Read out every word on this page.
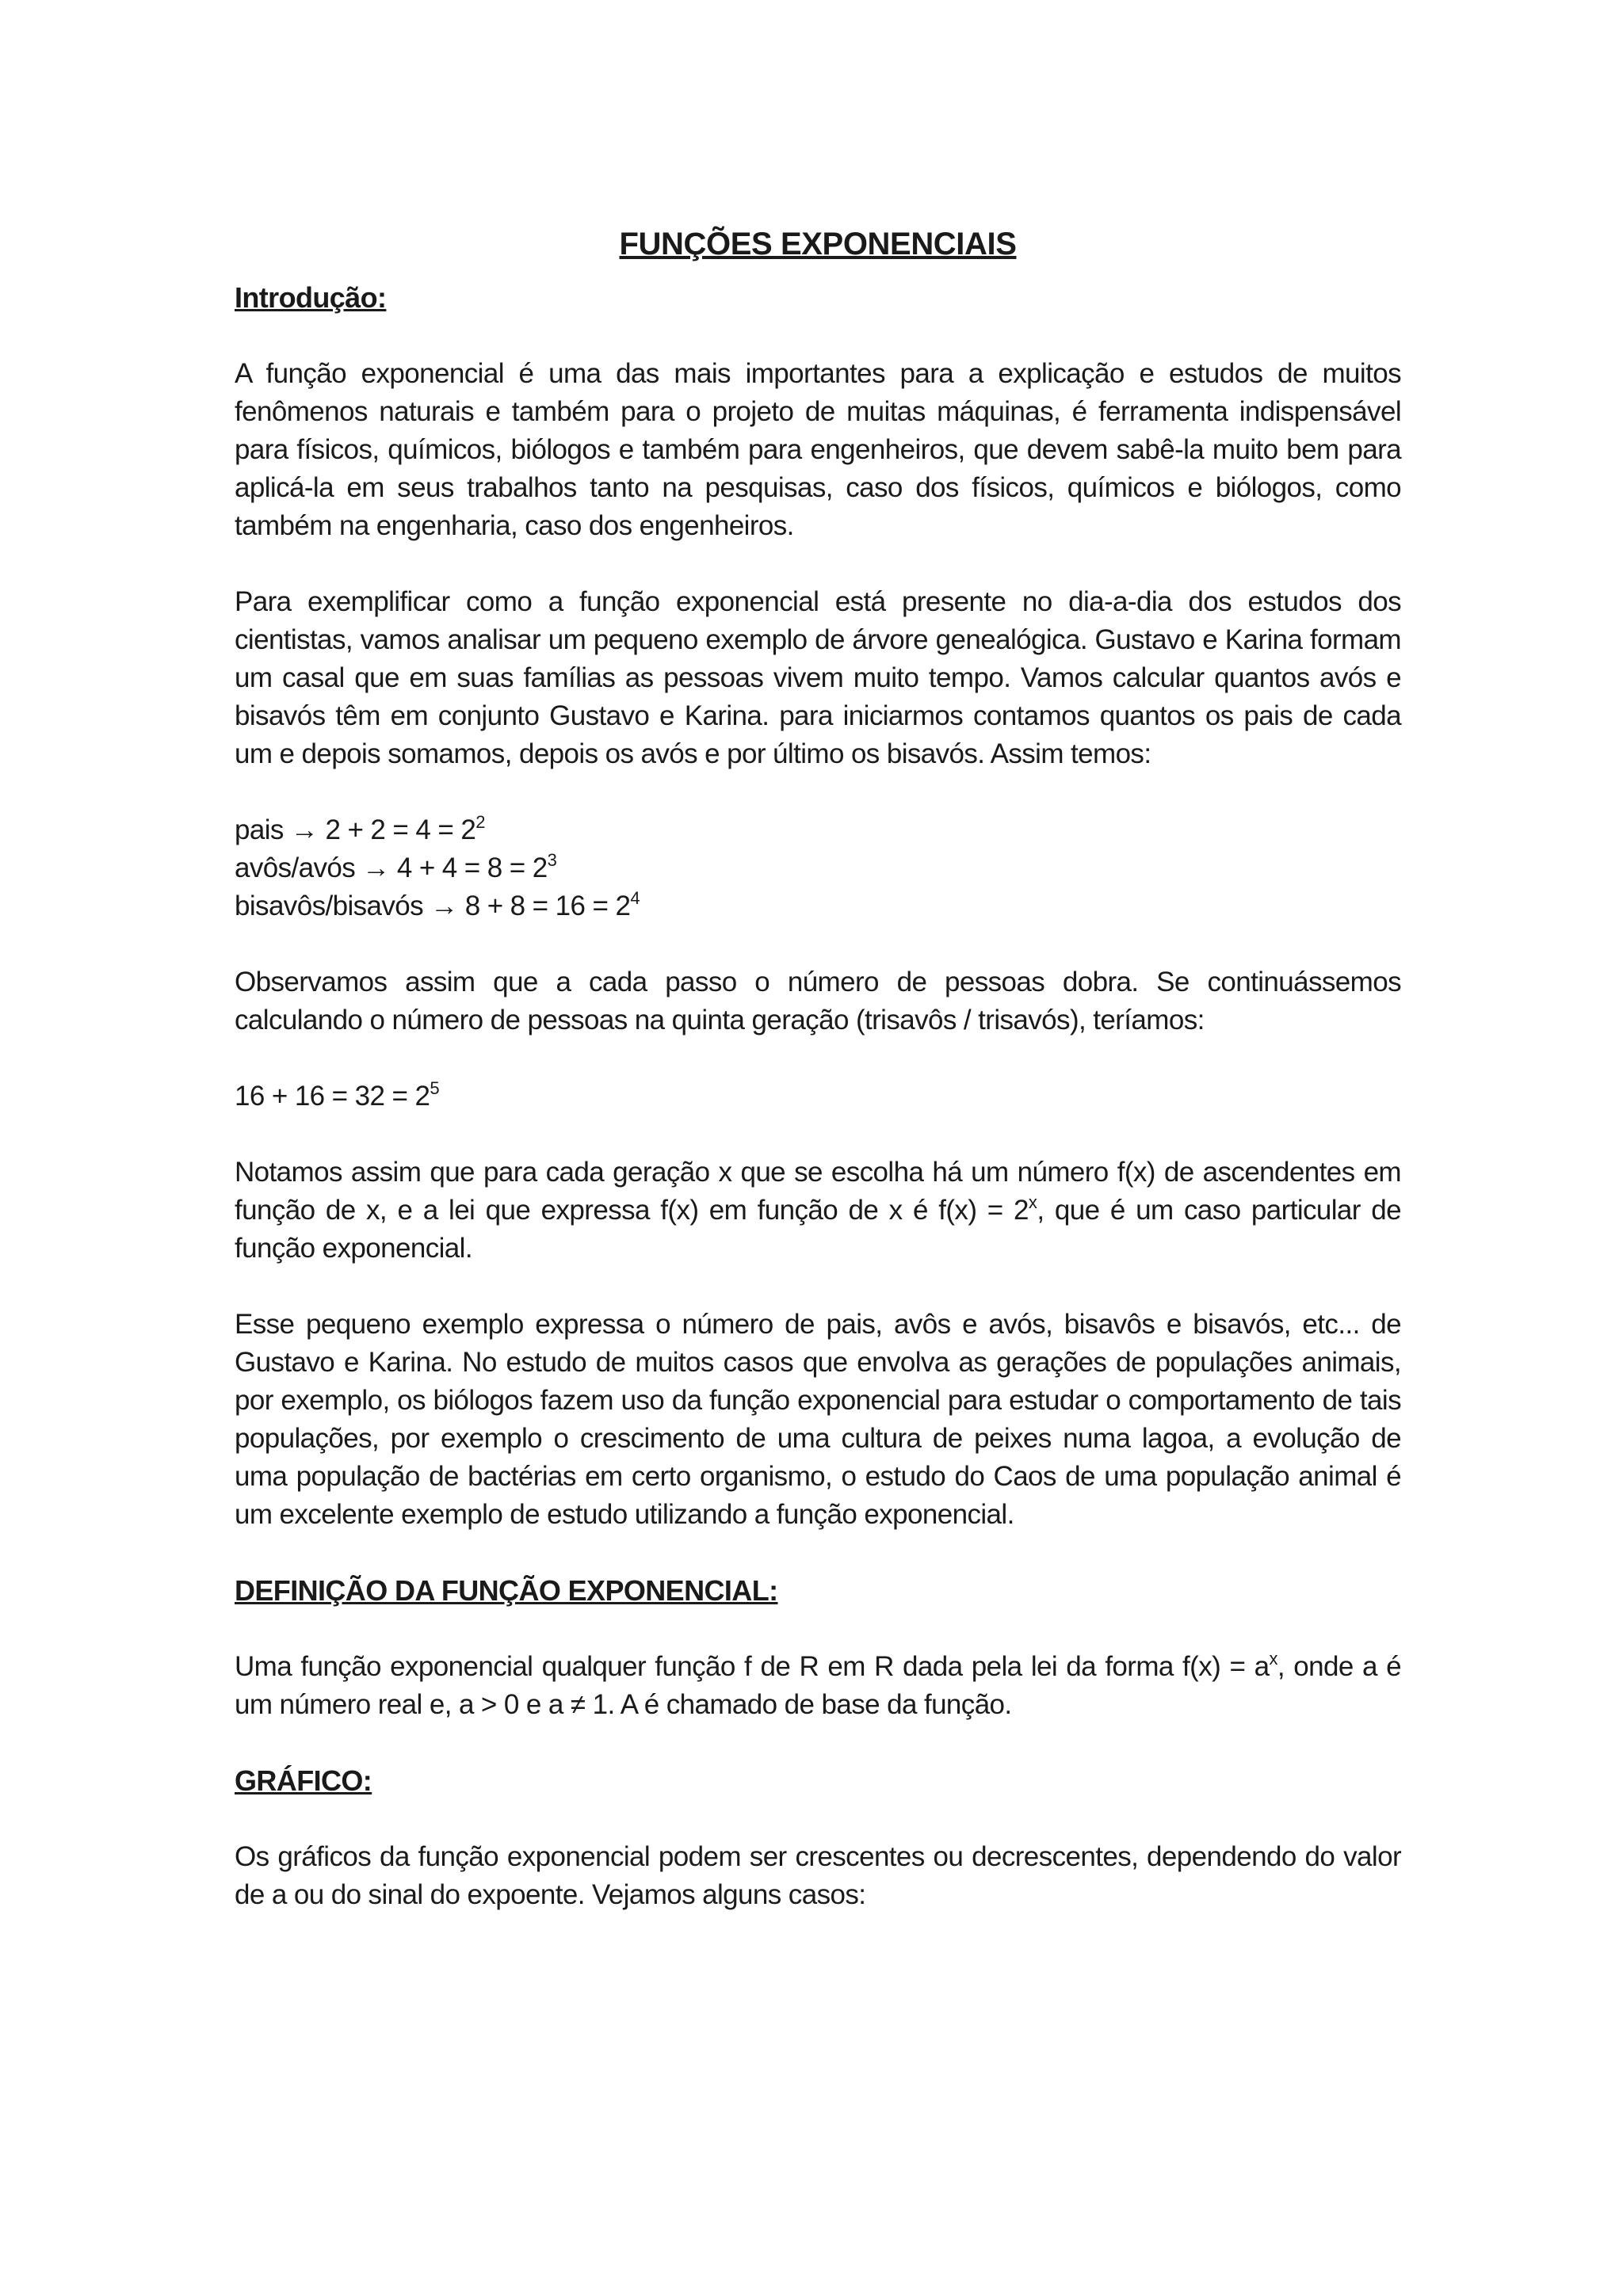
FUNÇÕES EXPONENCIAIS
Introdução:

A função exponencial é uma das mais importantes para a explicação e estudos de muitos fenômenos naturais e também para o projeto de muitas máquinas, é ferramenta indispensável para físicos, químicos, biólogos e também para engenheiros, que devem sabê-la muito bem para aplicá-la em seus trabalhos tanto na pesquisas, caso dos físicos, químicos e biólogos, como também na engenharia, caso dos engenheiros.

Para exemplificar como a função exponencial está presente no dia-a-dia dos estudos dos cientistas, vamos analisar um pequeno exemplo de árvore genealógica. Gustavo e Karina formam um casal que em suas famílias as pessoas vivem muito tempo. Vamos calcular quantos avós e bisavós têm em conjunto Gustavo e Karina. para iniciarmos contamos quantos os pais de cada um e depois somamos, depois os avós e por último os bisavós. Assim temos:

pais → $2 + 2 = 4 = 2^2$
avôs/avós → $4 + 4 = 8 = 2^3$
bisavôs/bisavós → $8 + 8 = 16 = 2^4$

Observamos assim que a cada passo o número de pessoas dobra. Se continuássemos calculando o número de pessoas na quinta geração (trisavôs / trisavós), teríamos:

$16 + 16 = 32 = 2^5$

Notamos assim que para cada geração x que se escolha há um número f(x) de ascendentes em função de x, e a lei que expressa f(x) em função de x é $f(x) = 2^x$, que é um caso particular de função exponencial.

Esse pequeno exemplo expressa o número de pais, avôs e avós, bisavôs e bisavós, etc... de Gustavo e Karina. No estudo de muitos casos que envolva as gerações de populações animais, por exemplo, os biólogos fazem uso da função exponencial para estudar o comportamento de tais populações, por exemplo o crescimento de uma cultura de peixes numa lagoa, a evolução de uma população de bactérias em certo organismo, o estudo do Caos de uma população animal é um excelente exemplo de estudo utilizando a função exponencial.

DEFINIÇÃO DA FUNÇÃO EXPONENCIAL:

Uma função exponencial qualquer função f de R em R dada pela lei da forma $f(x) = a^x$, onde a é um número real e, a > 0 e a ≠ 1. A é chamado de base da função.

GRÁFICO:

Os gráficos da função exponencial podem ser crescentes ou decrescentes, dependendo do valor de a ou do sinal do expoente. Vejamos alguns casos:
